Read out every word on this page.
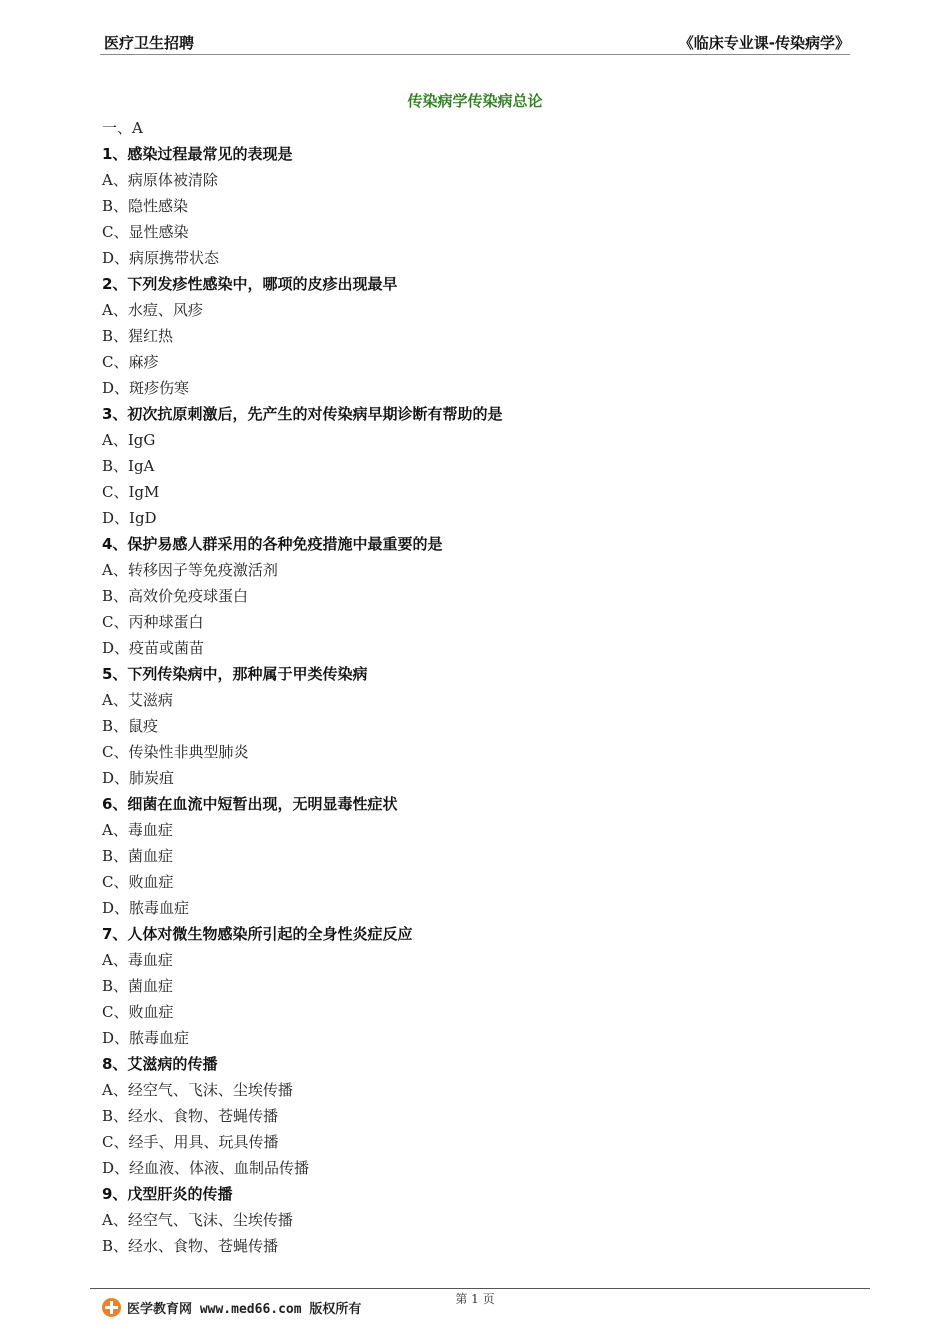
医疗卫生招聘	《临床专业课-传染病学》
传染病学传染病总论
一、A
1、感染过程最常见的表现是
A、病原体被清除
B、隐性感染
C、显性感染
D、病原携带状态
2、下列发疹性感染中，哪项的皮疹出现最早
A、水痘、风疹
B、猩红热
C、麻疹
D、斑疹伤寒
3、初次抗原刺激后，先产生的对传染病早期诊断有帮助的是
A、IgG
B、IgA
C、IgM
D、IgD
4、保护易感人群采用的各种免疫措施中最重要的是
A、转移因子等免疫激活剂
B、高效价免疫球蛋白
C、丙种球蛋白
D、疫苗或菌苗
5、下列传染病中，那种属于甲类传染病
A、艾滋病
B、鼠疫
C、传染性非典型肺炎
D、肺炭疽
6、细菌在血流中短暂出现，无明显毒性症状
A、毒血症
B、菌血症
C、败血症
D、脓毒血症
7、人体对微生物感染所引起的全身性炎症反应
A、毒血症
B、菌血症
C、败血症
D、脓毒血症
8、艾滋病的传播
A、经空气、飞沫、尘埃传播
B、经水、食物、苍蝇传播
C、经手、用具、玩具传播
D、经血液、体液、血制品传播
9、戊型肝炎的传播
A、经空气、飞沫、尘埃传播
B、经水、食物、苍蝇传播
第 1 页
医学教育网 www.med66.com 版权所有
